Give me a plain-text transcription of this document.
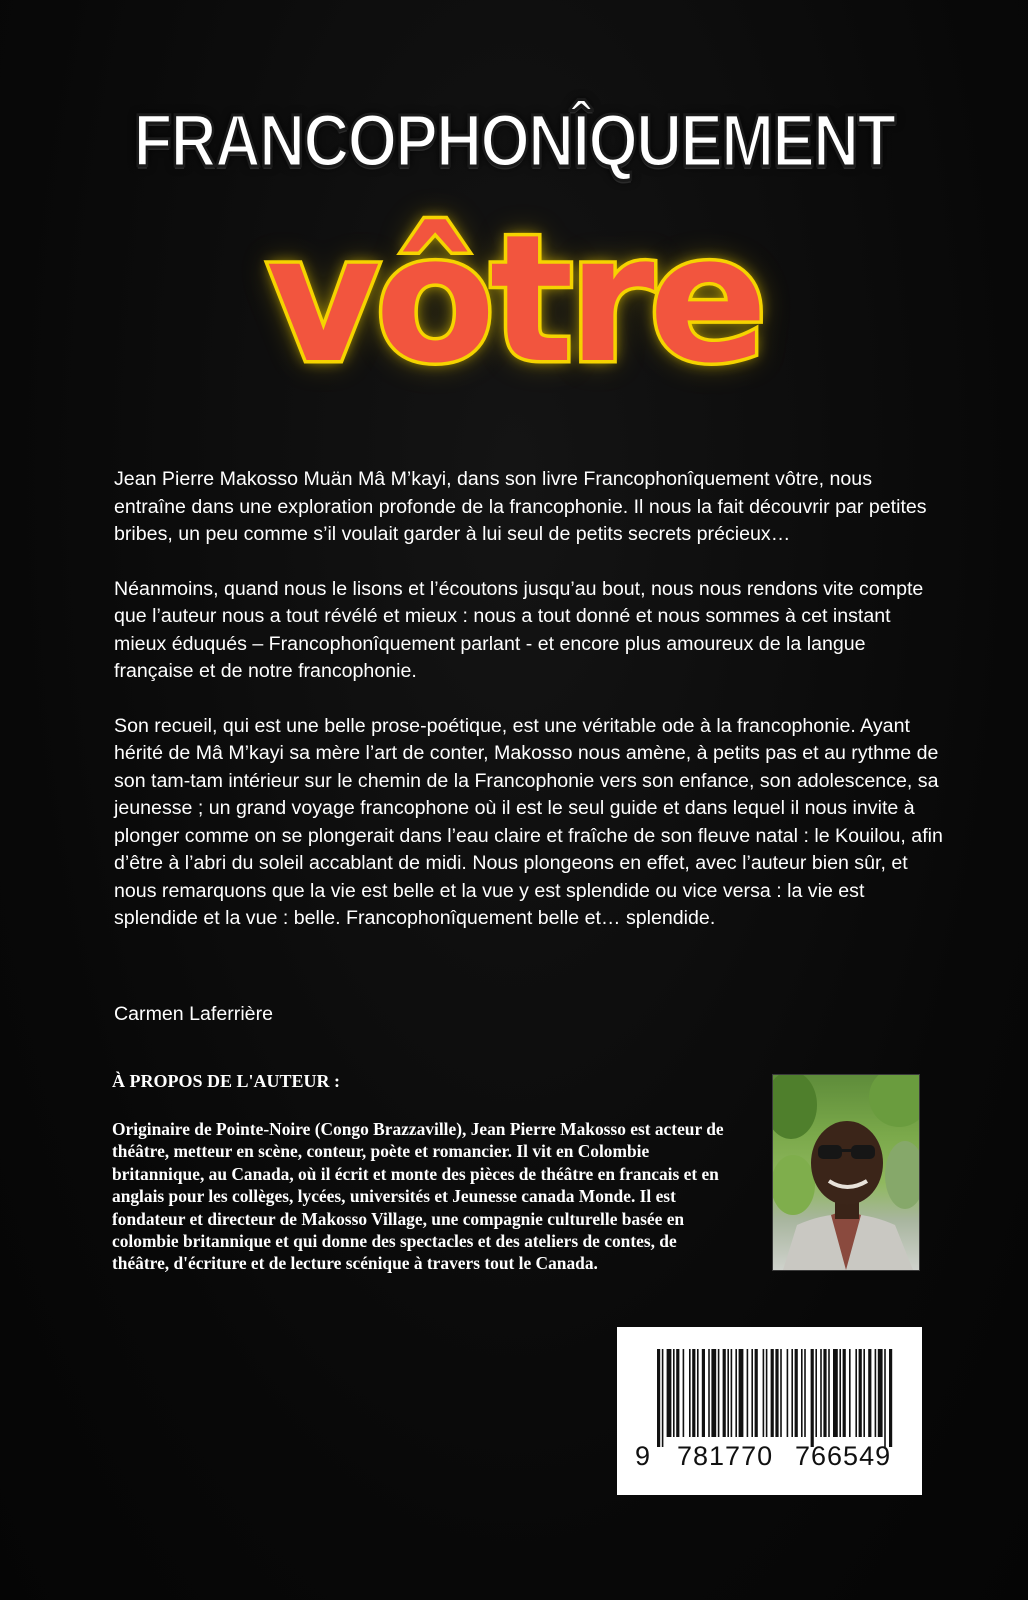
FRANCOPHONÎQUEMENT
vôtre

Jean Pierre Makosso Muän Mâ M’kayi, dans son livre Francophonîquement vôtre, nous entraîne dans une exploration profonde de la francophonie. Il nous la fait découvrir par petites bribes, un peu comme s’il voulait garder à lui seul de petits secrets précieux…

Néanmoins, quand nous le lisons et l’écoutons jusqu’au bout, nous nous rendons vite compte que l’auteur nous a tout révélé et mieux : nous a tout donné et nous sommes à cet instant mieux éduqués – Francophonîquement parlant - et encore plus amoureux de la langue française et de notre francophonie.

Son recueil, qui est une belle prose-poétique, est une véritable ode à la francophonie. Ayant hérité de Mâ M’kayi sa mère l’art de conter, Makosso nous amène, à petits pas et au rythme de son tam-tam intérieur sur le chemin de la Francophonie vers son enfance, son adolescence, sa jeunesse ; un grand voyage francophone où il est le seul guide et dans lequel il nous invite à plonger comme on se plongerait dans l’eau claire et fraîche de son fleuve natal : le Kouilou, afin d’être à l’abri du soleil accablant de midi. Nous plongeons en effet, avec l’auteur bien sûr, et nous remarquons que la vie est belle et la vue y est splendide ou vice versa : la vie est splendide et la vue : belle. Francophonîquement belle et… splendide.

Carmen Laferrière
À PROPOS DE L'AUTEUR :
Originaire de Pointe-Noire (Congo Brazzaville), Jean Pierre Makosso est acteur de théâtre, metteur en scène, conteur, poète et romancier. Il vit en Colombie britannique, au Canada, où il écrit et monte des pièces de théâtre en francais et en anglais pour les collèges, lycées, universités et Jeunesse canada Monde. Il est fondateur et directeur de Makosso Village, une compagnie culturelle basée en colombie britannique et qui donne des spectacles et des ateliers de contes, de théâtre, d'écriture et de lecture scénique à travers tout le Canada.
9 781770 766549
